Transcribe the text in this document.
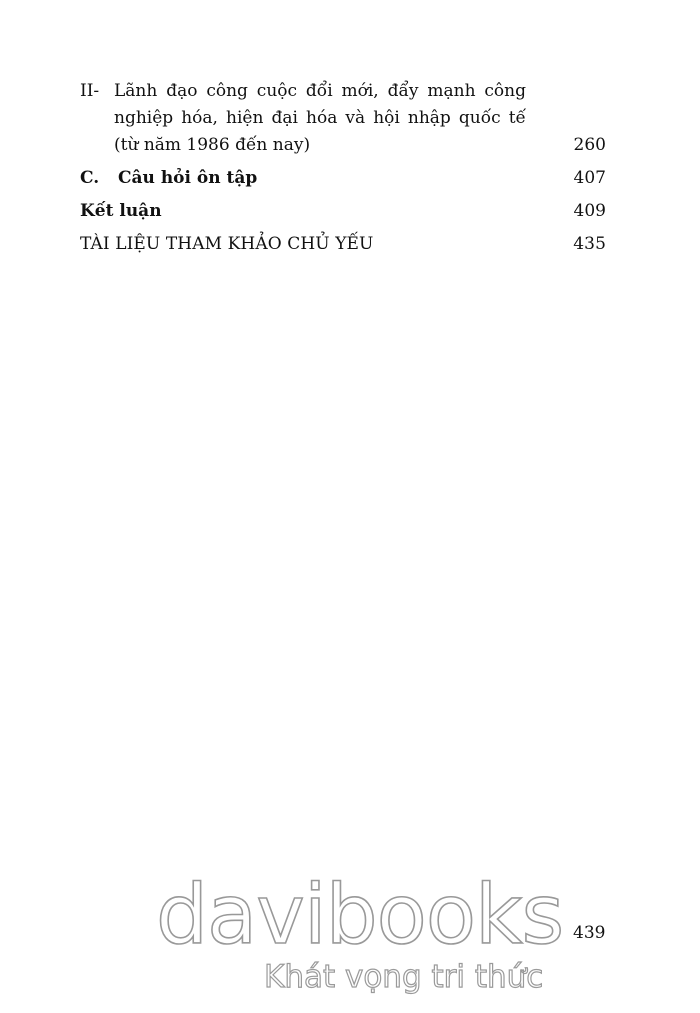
II- Lãnh đạo công cuộc đổi mới, đẩy mạnh công nghiệp hóa, hiện đại hóa và hội nhập quốc tế (từ năm 1986 đến nay)	260
C.	Câu hỏi ôn tập	407
Kết luận	409
TÀI LIỆU THAM KHẢO CHỦ YẾU	435
davibooks
Khát vọng tri thức
439
